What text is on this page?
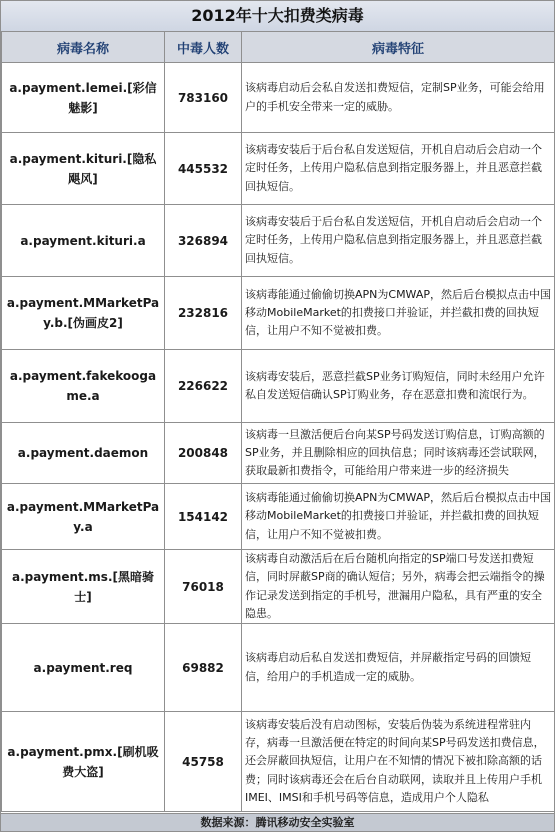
2012年十大扣费类病毒
病毒名称	中毒人数	病毒特征
a.payment.lemei.[彩信魅影]	783160	该病毒启动后会私自发送扣费短信，定制SP业务，可能会给用户的手机安全带来一定的威胁。

a.payment.kituri.[隐私飓风]	445532	该病毒安装后于后台私自发送短信，开机自启动后会启动一个定时任务，上传用户隐私信息到指定服务器上，并且恶意拦截回执短信。

a.payment.kituri.a	326894	该病毒安装后于后台私自发送短信，开机自启动后会启动一个定时任务，上传用户隐私信息到指定服务器上，并且恶意拦截回执短信。

a.payment.MMarketPay.b.[伪画皮2]	232816	该病毒能通过偷偷切换APN为CMWAP，然后后台模拟点击中国移动MobileMarket的扣费接口并验证，并拦截扣费的回执短信，让用户不知不觉被扣费。

a.payment.fakekoogame.a	226622	该病毒安装后，恶意拦截SP业务订购短信，同时未经用户允许私自发送短信确认SP订购业务，存在恶意扣费和流氓行为。

a.payment.daemon	200848	该病毒一旦激活便后台向某SP号码发送订购信息，订购高额的SP业务，并且删除相应的回执信息；同时该病毒还尝试联网，获取最新扣费指令，可能给用户带来进一步的经济损失

a.payment.MMarketPay.a	154142	该病毒能通过偷偷切换APN为CMWAP，然后后台模拟点击中国移动MobileMarket的扣费接口并验证，并拦截扣费的回执短信，让用户不知不觉被扣费。

a.payment.ms.[黑暗骑士]	76018	该病毒自动激活后在后台随机向指定的SP端口号发送扣费短信，同时屏蔽SP商的确认短信；另外，病毒会把云端指令的操作记录发送到指定的手机号，泄漏用户隐私，具有严重的安全隐患。

a.payment.req	69882	该病毒启动后私自发送扣费短信，并屏蔽指定号码的回馈短信，给用户的手机造成一定的威胁。

a.payment.pmx.[刷机吸费大盗]	45758	该病毒安装后没有启动图标，安装后伪装为系统进程常驻内存，病毒一旦激活便在特定的时间向某SP号码发送扣费信息，还会屏蔽回执短信，让用户在不知情的情况下被扣除高额的话费；同时该病毒还会在后台自动联网，读取并且上传用户手机IMEI、IMSI和手机号码等信息，造成用户个人隐私
数据来源：腾讯移动安全实验室
